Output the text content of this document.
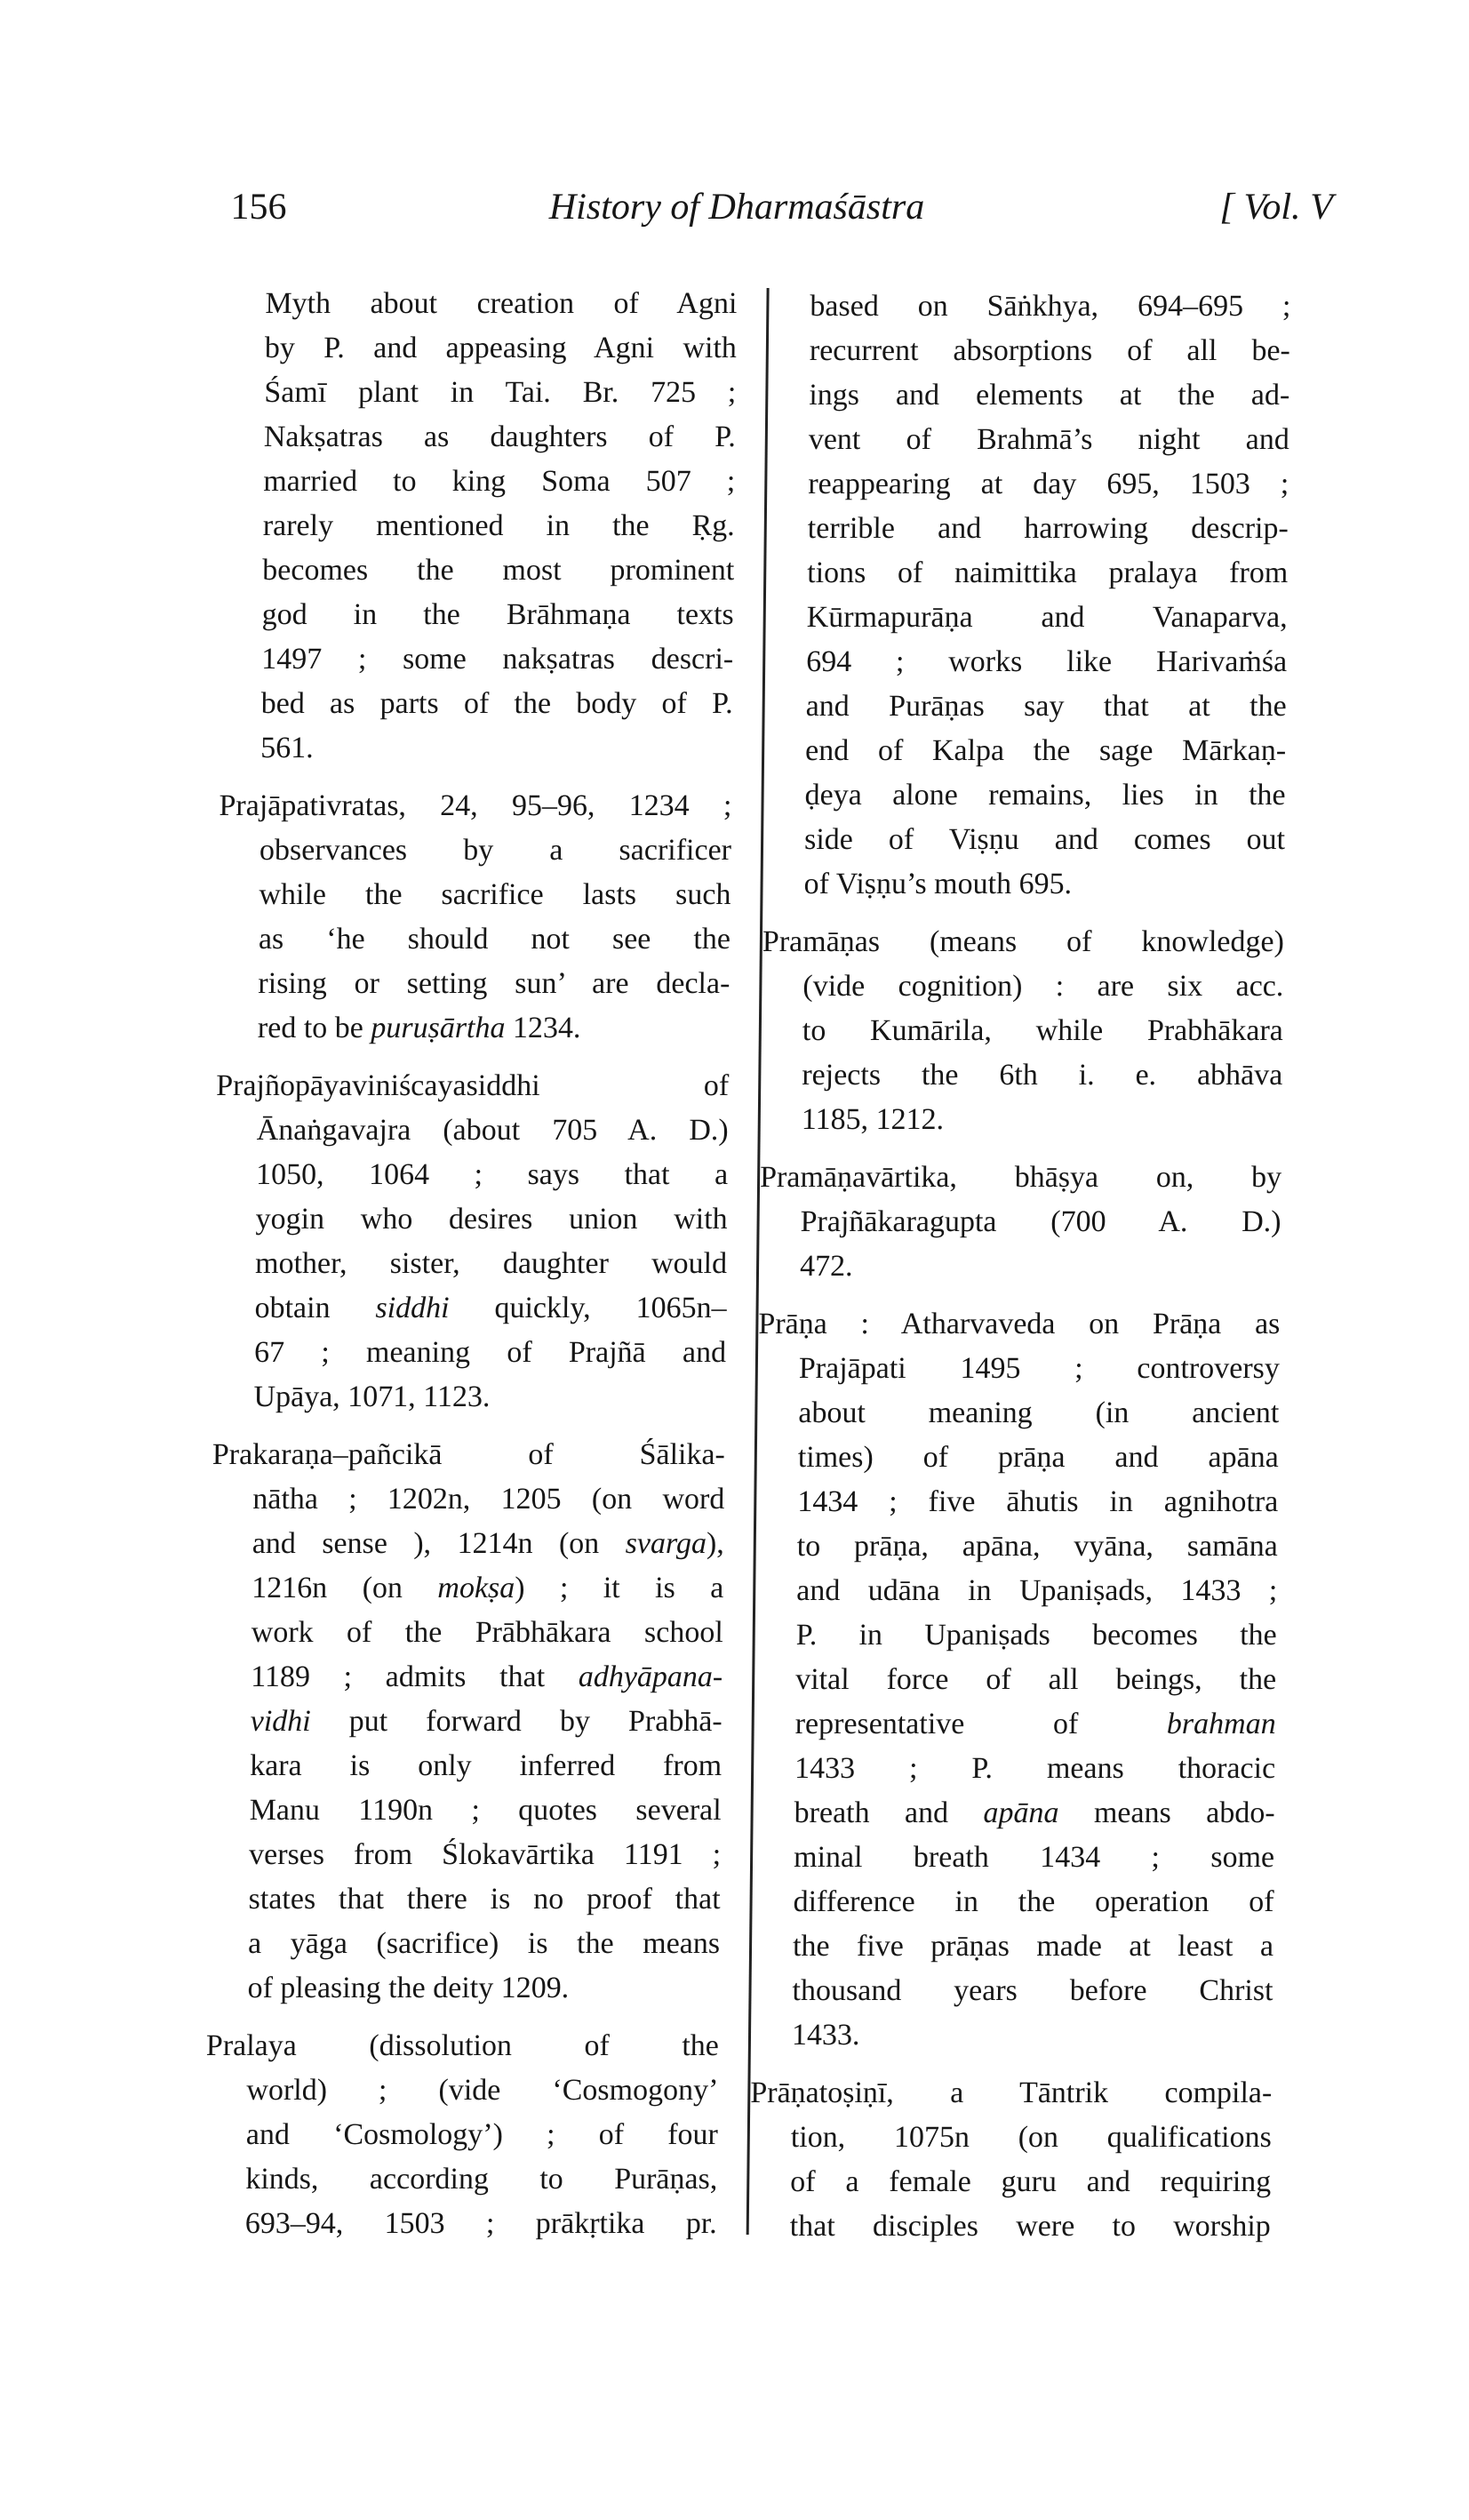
156	History of Dharmaśāstra	[ Vol. V
Myth about creation of Agni
by P. and appeasing Agni with
Śamī plant in Tai. Br. 725 ;
Nakṣatras as daughters of P.
married to king Soma 507 ;
rarely mentioned in the Ṛg.
becomes the most prominent
god in the Brāhmaṇa texts
1497 ; some nakṣatras descri-
bed as parts of the body of P.
561.
Prajāpativratas, 24, 95–96, 1234 ;
observances by a sacrificer
while the sacrifice lasts such
as ‘he should not see the
rising or setting sun’ are decla-
red to be puruṣārtha 1234.
Prajñopāyaviniścayasiddhi of
Ānaṅgavajra (about 705 A. D.)
1050, 1064 ; says that a
yogin who desires union with
mother, sister, daughter would
obtain siddhi quickly, 1065n–
67 ; meaning of Prajñā and
Upāya, 1071, 1123.
Prakaraṇa–pañcikā of Śālika-
nātha ; 1202n, 1205 (on word
and sense ), 1214n (on svarga),
1216n (on mokṣa) ; it is a
work of the Prābhākara school
1189 ; admits that adhyāpana-
vidhi put forward by Prabhā-
kara is only inferred from
Manu 1190n ; quotes several
verses from Ślokavārtika 1191 ;
states that there is no proof that
a yāga (sacrifice) is the means
of pleasing the deity 1209.
Pralaya (dissolution of the
world) ; (vide ‘Cosmogony’
and ‘Cosmology’) ; of four
kinds, according to Purāṇas,
693–94, 1503 ; prākṛtika pr.
based on Sāṅkhya, 694–695 ;
recurrent absorptions of all be-
ings and elements at the ad-
vent of Brahmā’s night and
reappearing at day 695, 1503 ;
terrible and harrowing descrip-
tions of naimittika pralaya from
Kūrmapurāṇa and Vanaparva,
694 ; works like Harivaṁśa
and Purāṇas say that at the
end of Kalpa the sage Mārkaṇ-
ḍeya alone remains, lies in the
side of Viṣṇu and comes out
of Viṣṇu’s mouth 695.
Pramāṇas (means of knowledge)
(vide cognition) : are six acc.
to Kumārila, while Prabhākara
rejects the 6th i. e. abhāva
1185, 1212.
Pramāṇavārtika, bhāṣya on, by
Prajñākaragupta (700 A. D.)
472.
Prāṇa : Atharvaveda on Prāṇa as
Prajāpati 1495 ; controversy
about meaning (in ancient
times) of prāṇa and apāna
1434 ; five āhutis in agnihotra
to prāṇa, apāna, vyāna, samāna
and udāna in Upaniṣads, 1433 ;
P. in Upaniṣads becomes the
vital force of all beings, the
representative of brahman
1433 ; P. means thoracic
breath and apāna means abdo-
minal breath 1434 ; some
difference in the operation of
the five prāṇas made at least a
thousand years before Christ
1433.
Prāṇatoṣiṇī, a Tāntrik compila-
tion, 1075n (on qualifications
of a female guru and requiring
that disciples were to worship
